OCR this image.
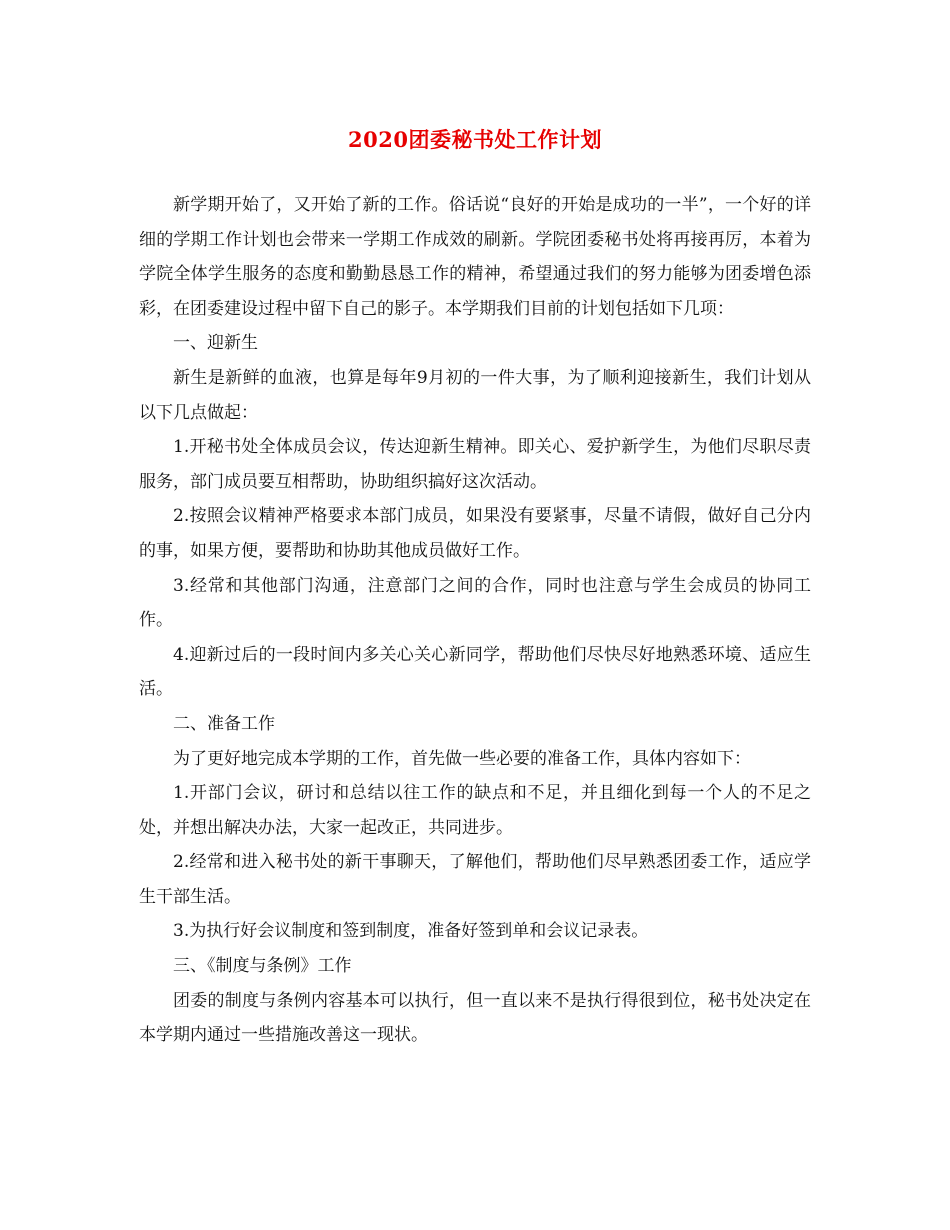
2020团委秘书处工作计划

新学期开始了，又开始了新的工作。俗话说“良好的开始是成功的一半”，一个好的详细的学期工作计划也会带来一学期工作成效的刷新。学院团委秘书处将再接再厉，本着为学院全体学生服务的态度和勤勤恳恳工作的精神，希望通过我们的努力能够为团委增色添彩，在团委建设过程中留下自己的影子。本学期我们目前的计划包括如下几项：

一、迎新生

新生是新鲜的血液，也算是每年9月初的一件大事，为了顺利迎接新生，我们计划从以下几点做起：

1.开秘书处全体成员会议，传达迎新生精神。即关心、爱护新学生，为他们尽职尽责服务，部门成员要互相帮助，协助组织搞好这次活动。

2.按照会议精神严格要求本部门成员，如果没有要紧事，尽量不请假，做好自己分内的事，如果方便，要帮助和协助其他成员做好工作。

3.经常和其他部门沟通，注意部门之间的合作，同时也注意与学生会成员的协同工作。

4.迎新过后的一段时间内多关心关心新同学，帮助他们尽快尽好地熟悉环境、适应生活。

二、准备工作

为了更好地完成本学期的工作，首先做一些必要的准备工作，具体内容如下：

1.开部门会议，研讨和总结以往工作的缺点和不足，并且细化到每一个人的不足之处，并想出解决办法，大家一起改正，共同进步。

2.经常和进入秘书处的新干事聊天，了解他们，帮助他们尽早熟悉团委工作，适应学生干部生活。

3.为执行好会议制度和签到制度，准备好签到单和会议记录表。

三、《制度与条例》工作

团委的制度与条例内容基本可以执行，但一直以来不是执行得很到位，秘书处决定在本学期内通过一些措施改善这一现状。
